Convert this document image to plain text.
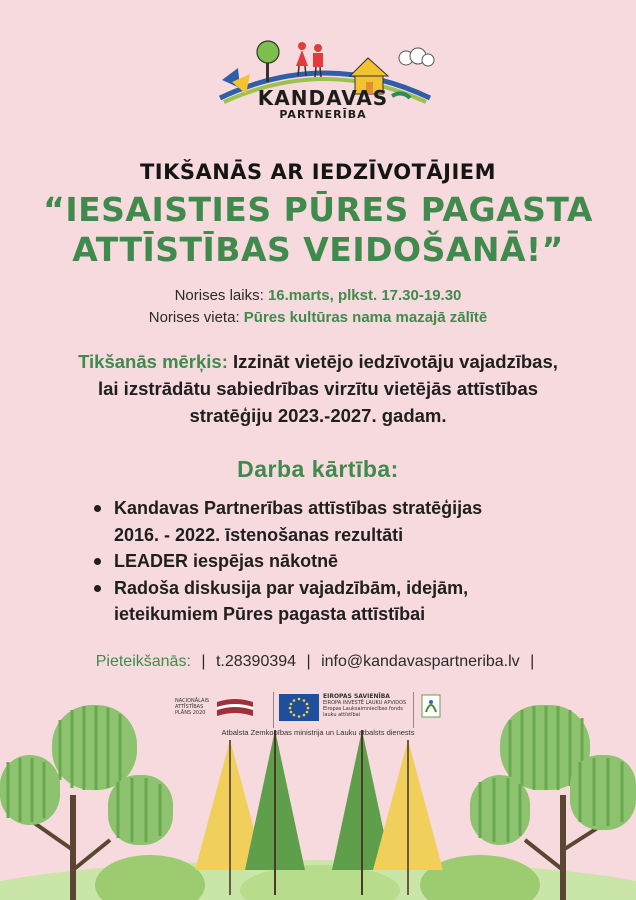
KANDAVAS
PARTNERĪBA
TIKŠANĀS AR IEDZĪVOTĀJIEM
“IESAISTIES PŪRES PAGASTA
ATTĪSTĪBAS VEIDOŠANĀ!”
Norises laiks: 16.marts, plkst. 17.30-19.30
Norises vieta: Pūres kultūras nama mazajā zālītē
Tikšanās mērķis: Izzināt vietējo iedzīvotāju vajadzības,
lai izstrādātu sabiedrības virzītu vietējās attīstības
stratēģiju 2023.-2027. gadam.
Darba kārtība:
Kandavas Partnerības attīstības stratēģijas
2016. - 2022. īstenošanas rezultāti
LEADER iespējas nākotnē
Radoša diskusija par vajadzībām, idejām,
ieteikumiem Pūres pagasta attīstībai
Pieteikšanās: | t.28390394 | info@kandavaspartneriba.lv |
NACIONĀLAIS
ATTĪSTĪBAS
PLĀNS 2020
EIROPAS SAVIENĪBA
EIROPA INVESTĒ LAUKU APVIDOS
Eiropas Lauksaimniecības fonds
lauku attīstībai
Atbalsta Zemkopības ministrija un Lauku atbalsts dienests
